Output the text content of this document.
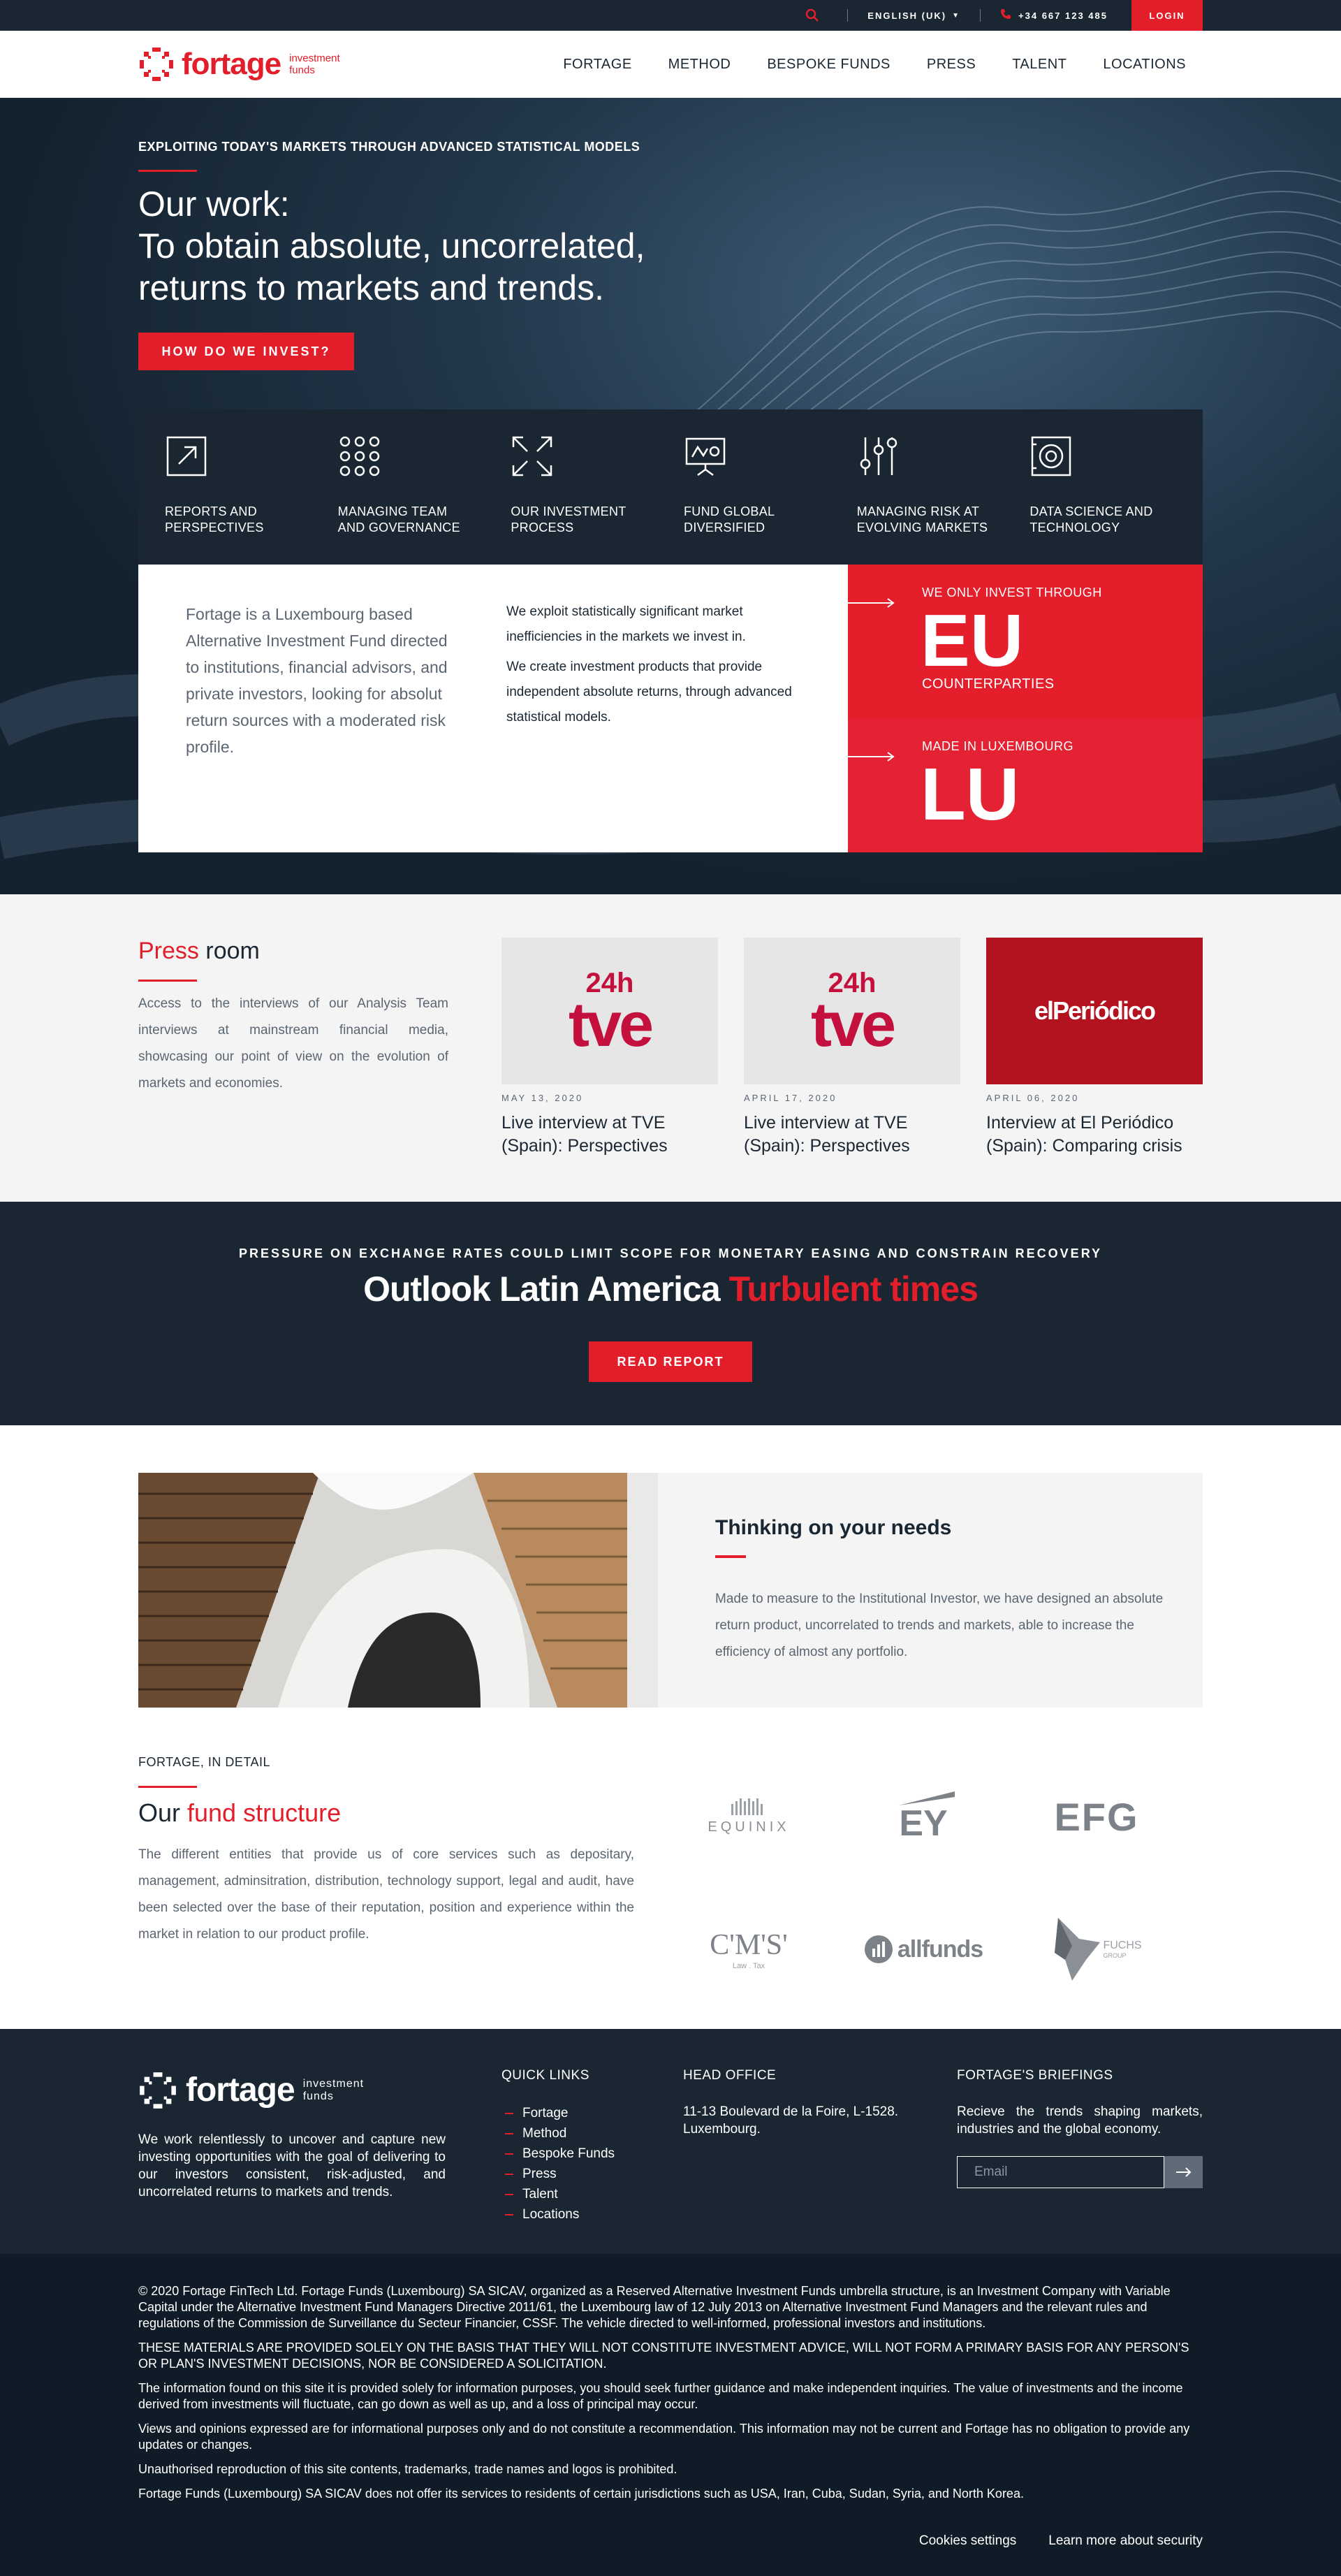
ENGLISH (UK) ▼	+34 667 123 485	LOGIN
fortage investment
funds	FORTAGE	METHOD	BESPOKE FUNDS	PRESS	TALENT	LOCATIONS
EXPLOITING TODAY'S MARKETS THROUGH ADVANCED STATISTICAL MODELS
Our work:
To obtain absolute, uncorrelated,
returns to markets and trends.
HOW DO WE INVEST?
REPORTS AND
PERSPECTIVES
MANAGING TEAM
AND GOVERNANCE
OUR INVESTMENT
PROCESS
FUND GLOBAL
DIVERSIFIED
MANAGING RISK AT
EVOLVING MARKETS
DATA SCIENCE AND
TECHNOLOGY
Fortage is a Luxembourg based Alternative Investment Fund directed to institutions, financial advisors, and private investors, looking for absolut return sources with a moderated risk profile.

We exploit statistically significant market inefficiencies in the markets we invest in.

We create investment products that provide independent absolute returns, through advanced statistical models.

WE ONLY INVEST THROUGH
EU
COUNTERPARTIES
MADE IN LUXEMBOURG
LU
Press room
Access to the interviews of our Analysis Team interviews at mainstream financial media, showcasing our point of view on the evolution of markets and economies.
24h
tve
MAY 13, 2020
Live interview at TVE
(Spain): Perspectives
24h
tve
APRIL 17, 2020
Live interview at TVE
(Spain): Perspectives
elPeriódico
APRIL 06, 2020
Interview at El Periódico
(Spain): Comparing crisis
PRESSURE ON EXCHANGE RATES COULD LIMIT SCOPE FOR MONETARY EASING AND CONSTRAIN RECOVERY
Outlook Latin America Turbulent times
READ REPORT
Thinking on your needs
Made to measure to the Institutional Investor, we have designed an absolute return product, uncorrelated to trends and markets, able to increase the efficiency of almost any portfolio.
FORTAGE, IN DETAIL
Our fund structure
The different entities that provide us of core services such as depositary, management, adminsitration, distribution, technology support, legal and audit, have been selected over the base of their reputation, position and experience within the market in relation to our product profile.
EQUINIX	EY	EFG
C'M'S'
Law . Tax
allfunds	FUCHS
GROUP
fortage investment
funds
We work relentlessly to uncover and capture new investing opportunities with the goal of delivering to our investors consistent, risk-adjusted, and uncorrelated returns to markets and trends.
QUICK LINKS
Fortage
Method
Bespoke Funds
Press
Talent
Locations
HEAD OFFICE
11-13 Boulevard de la Foire, L-1528. Luxembourg.
FORTAGE'S BRIEFINGS
Recieve the trends shaping markets, industries and the global economy.
Email

© 2020 Fortage FinTech Ltd. Fortage Funds (Luxembourg) SA SICAV, organized as a Reserved Alternative Investment Funds umbrella structure, is an Investment Company with Variable Capital under the Alternative Investment Fund Managers Directive 2011/61, the Luxembourg law of 12 July 2013 on Alternative Investment Fund Managers and the relevant rules and regulations of the Commission de Surveillance du Secteur Financier, CSSF. The vehicle directed to well-informed, professional investors and institutions.

THESE MATERIALS ARE PROVIDED SOLELY ON THE BASIS THAT THEY WILL NOT CONSTITUTE INVESTMENT ADVICE, WILL NOT FORM A PRIMARY BASIS FOR ANY PERSON'S OR PLAN'S INVESTMENT DECISIONS, NOR BE CONSIDERED A SOLICITATION.

The information found on this site it is provided solely for information purposes, you should seek further guidance and make independent inquiries. The value of investments and the income derived from investments will fluctuate, can go down as well as up, and a loss of principal may occur.

Views and opinions expressed are for informational purposes only and do not constitute a recommendation. This information may not be current and Fortage has no obligation to provide any updates or changes.

Unauthorised reproduction of this site contents, trademarks, trade names and logos is prohibited.

Fortage Funds (Luxembourg) SA SICAV does not offer its services to residents of certain jurisdictions such as USA, Iran, Cuba, Sudan, Syria, and North Korea.

Cookies settings Learn more about security
